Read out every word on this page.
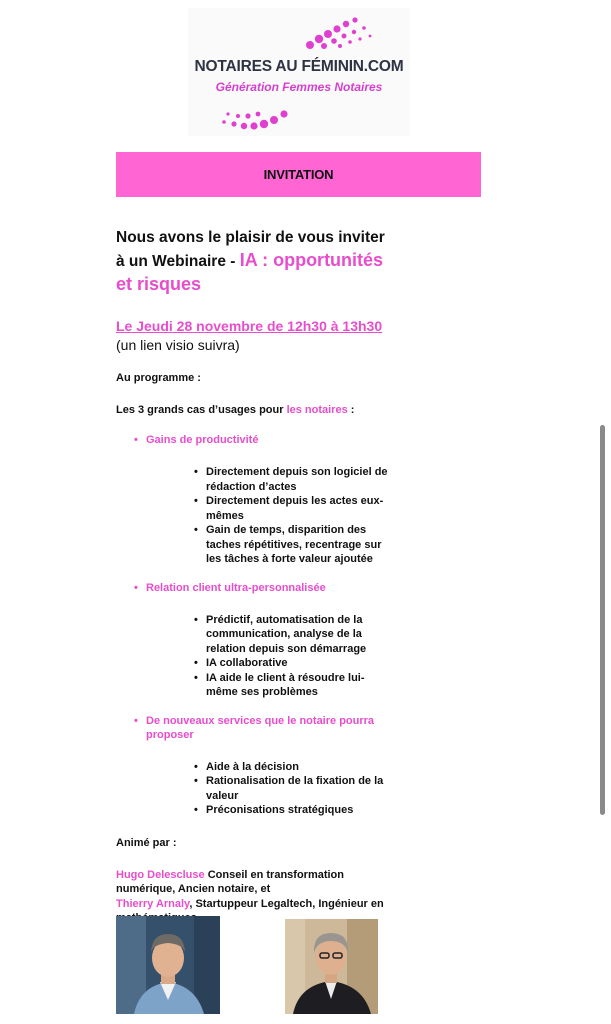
NOTAIRES AU FÉMININ.COM
Génération Femmes Notaires
INVITATION

Nous avons le plaisir de vous inviter à un Webinaire - IA : opportunités et risques

Le Jeudi 28 novembre de 12h30 à 13h30 (un lien visio suivra)

Au programme :

Les 3 grands cas d’usages pour les notaires :

• Gains de productivité
• Directement depuis son logiciel de rédaction d’actes
• Directement depuis les actes eux-mêmes
• Gain de temps, disparition des taches répétitives, recentrage sur les tâches à forte valeur ajoutée
• Relation client ultra-personnalisée
• Prédictif, automatisation de la communication, analyse de la relation depuis son démarrage
• IA collaborative
• IA aide le client à résoudre lui-même ses problèmes
• De nouveaux services que le notaire pourra proposer
• Aide à la décision
• Rationalisation de la fixation de la valeur
• Préconisations stratégiques

Animé par :

Hugo Delescluse Conseil en transformation numérique, Ancien notaire, et
Thierry Arnaly, Startuppeur Legaltech, Ingénieur en
